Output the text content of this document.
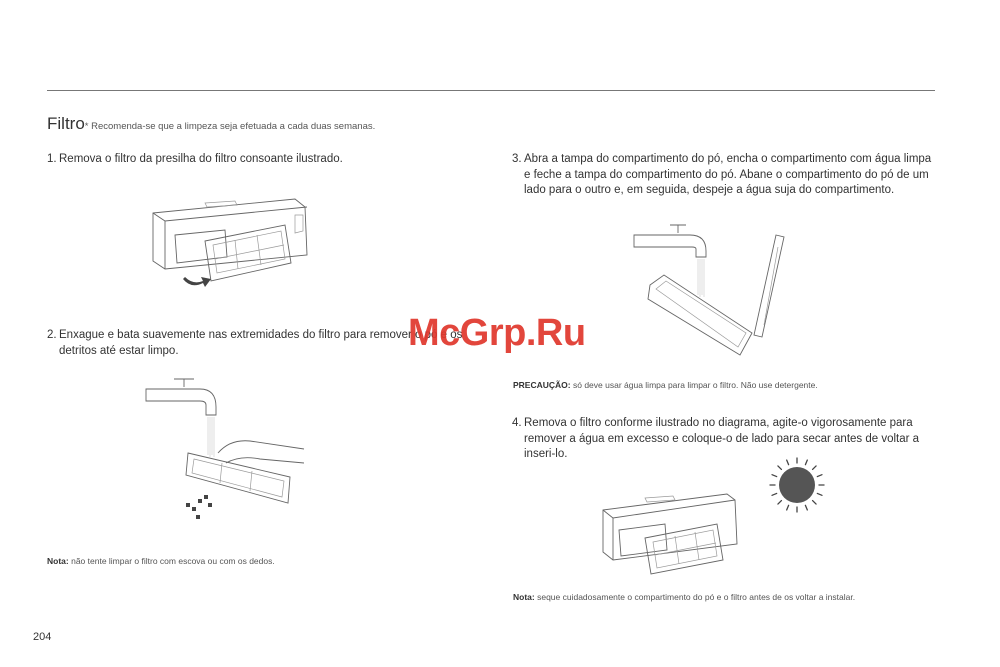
Filtro* Recomenda-se que a limpeza seja efetuada a cada duas semanas.
1. Remova o filtro da presilha do filtro consoante ilustrado.
2. Enxague e bata suavemente nas extremidades do filtro para remover o pó e os detritos até estar limpo.
3. Abra a tampa do compartimento do pó, encha o compartimento com água limpa e feche a tampa do compartimento do pó. Abane o compartimento do pó de um lado para o outro e, em seguida, despeje a água suja do compartimento.
4. Remova o filtro conforme ilustrado no diagrama, agite-o vigorosamente para remover a água em excesso e coloque-o de lado para secar antes de voltar a inseri-lo.
Nota: não tente limpar o filtro com escova ou com os dedos.
PRECAUÇÃO: só deve usar água limpa para limpar o filtro. Não use detergente.
Nota: seque cuidadosamente o compartimento do pó e o filtro antes de os voltar a instalar.
204
McGrp.Ru
